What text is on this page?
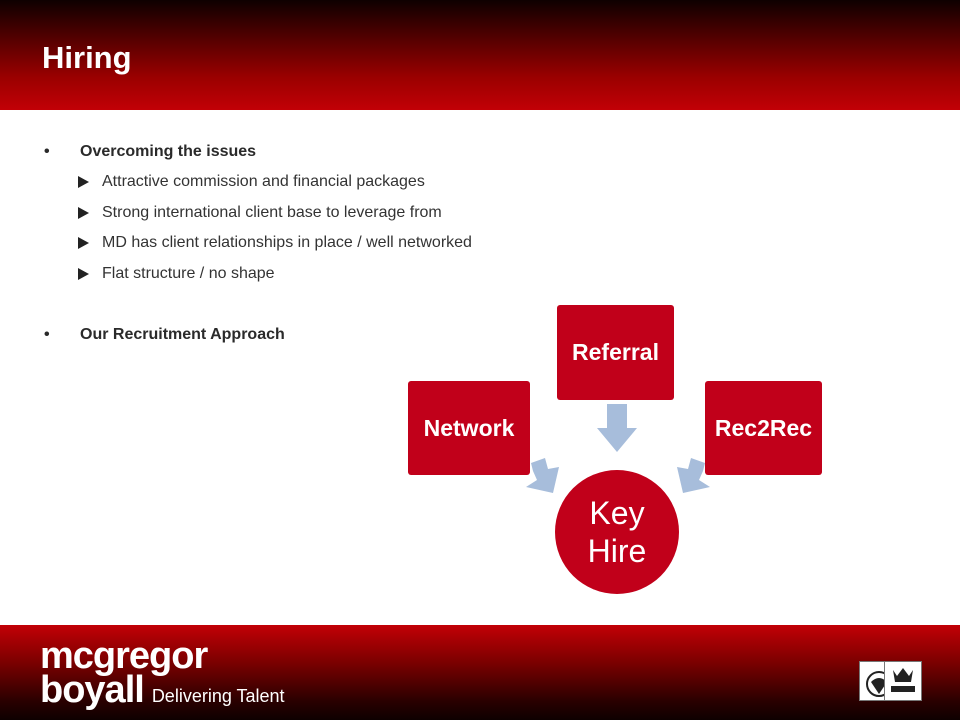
Hiring
• Overcoming the issues
Attractive commission and financial packages
Strong international client base to leverage from
MD has client relationships in place / well networked
Flat structure / no shape
• Our Recruitment Approach
Network
Referral
Rec2Rec
Key
Hire
mcgregor
boyall Delivering Talent
